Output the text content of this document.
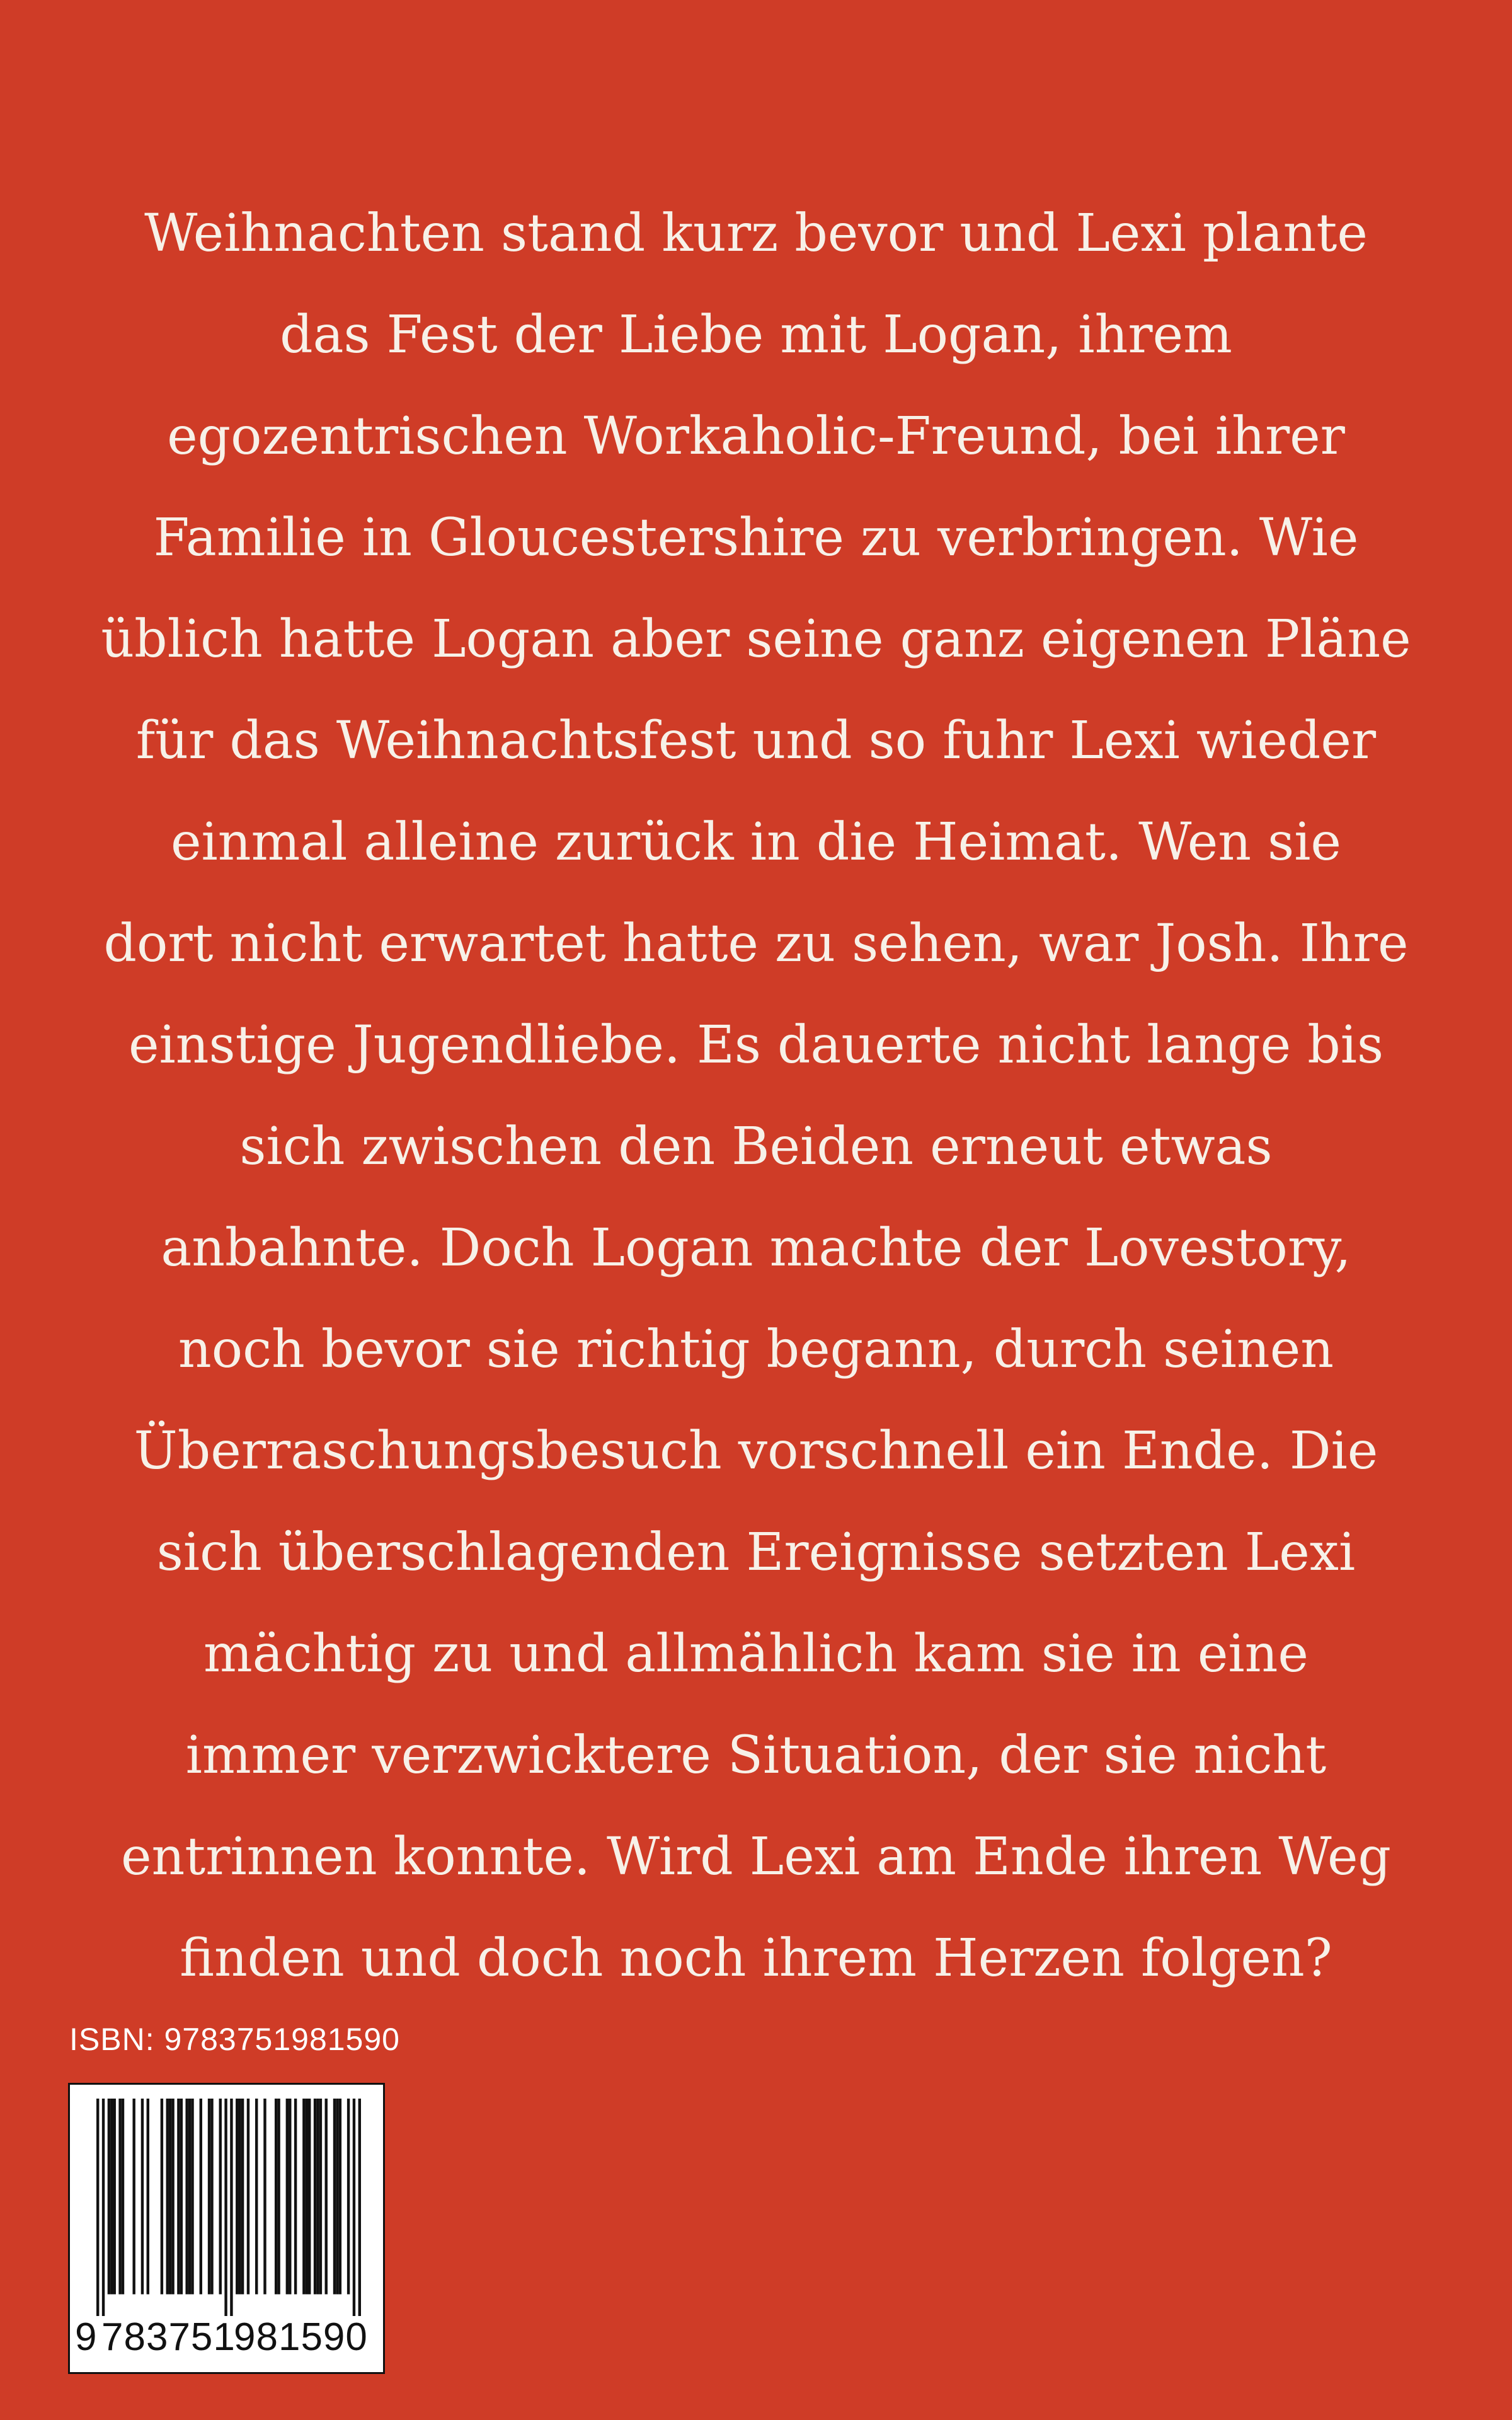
Weihnachten stand kurz bevor und Lexi plante
das Fest der Liebe mit Logan, ihrem
egozentrischen Workaholic-Freund, bei ihrer
Familie in Gloucestershire zu verbringen. Wie
üblich hatte Logan aber seine ganz eigenen Pläne
für das Weihnachtsfest und so fuhr Lexi wieder
einmal alleine zurück in die Heimat. Wen sie
dort nicht erwartet hatte zu sehen, war Josh. Ihre
einstige Jugendliebe. Es dauerte nicht lange bis
sich zwischen den Beiden erneut etwas
anbahnte. Doch Logan machte der Lovestory,
noch bevor sie richtig begann, durch seinen
Überraschungsbesuch vorschnell ein Ende. Die
sich überschlagenden Ereignisse setzten Lexi
mächtig zu und allmählich kam sie in eine
immer verzwicktere Situation, der sie nicht
entrinnen konnte. Wird Lexi am Ende ihren Weg
finden und doch noch ihrem Herzen folgen?

ISBN: 9783751981590
9 783751981590
